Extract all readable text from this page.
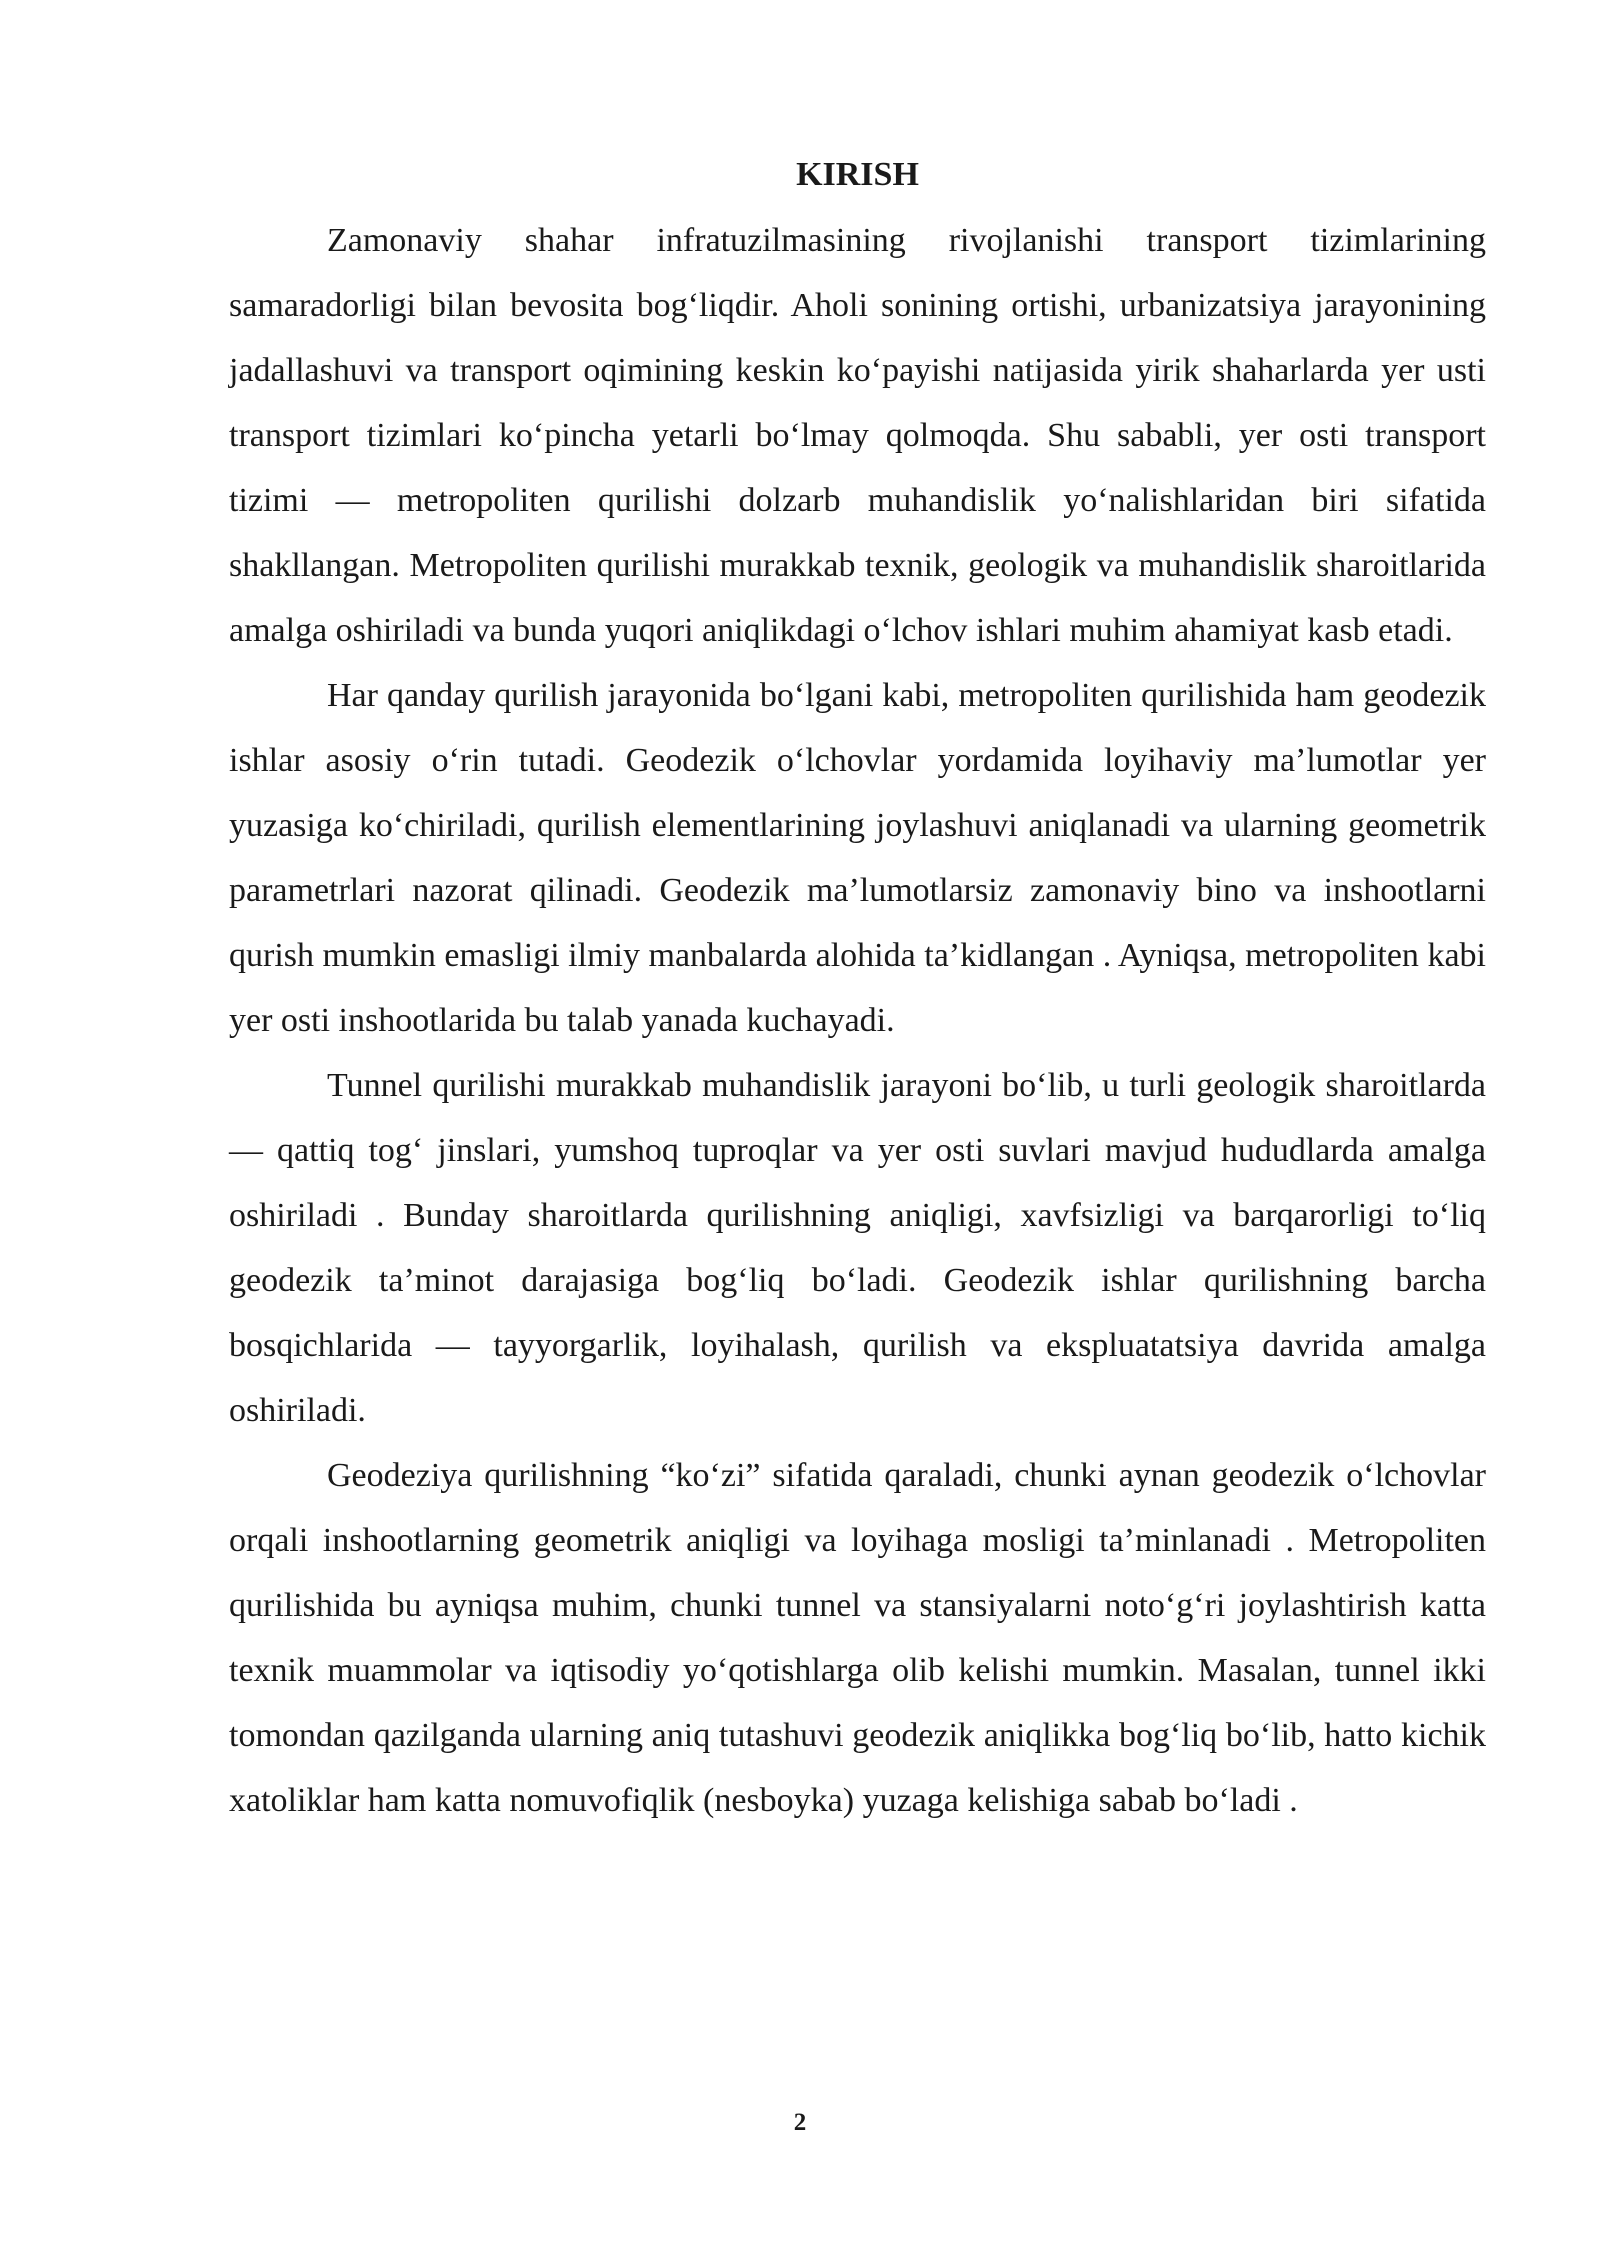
KIRISH

Zamonaviy shahar infratuzilmasining rivojlanishi transport tizimlarining samaradorligi bilan bevosita bog‘liqdir. Aholi sonining ortishi, urbanizatsiya jarayonining jadallashuvi va transport oqimining keskin ko‘payishi natijasida yirik shaharlarda yer usti transport tizimlari ko‘pincha yetarli bo‘lmay qolmoqda. Shu sababli, yer osti transport tizimi — metropoliten qurilishi dolzarb muhandislik yo‘nalishlaridan biri sifatida shakllangan. Metropoliten qurilishi murakkab texnik, geologik va muhandislik sharoitlarida amalga oshiriladi va bunda yuqori aniqlikdagi o‘lchov ishlari muhim ahamiyat kasb etadi.

Har qanday qurilish jarayonida bo‘lgani kabi, metropoliten qurilishida ham geodezik ishlar asosiy o‘rin tutadi. Geodezik o‘lchovlar yordamida loyihaviy ma’lumotlar yer yuzasiga ko‘chiriladi, qurilish elementlarining joylashuvi aniqlanadi va ularning geometrik parametrlari nazorat qilinadi. Geodezik ma’lumotlarsiz zamonaviy bino va inshootlarni qurish mumkin emasligi ilmiy manbalarda alohida ta’kidlangan . Ayniqsa, metropoliten kabi yer osti inshootlarida bu talab yanada kuchayadi.

Tunnel qurilishi murakkab muhandislik jarayoni bo‘lib, u turli geologik sharoitlarda — qattiq tog‘ jinslari, yumshoq tuproqlar va yer osti suvlari mavjud hududlarda amalga oshiriladi . Bunday sharoitlarda qurilishning aniqligi, xavfsizligi va barqarorligi to‘liq geodezik ta’minot darajasiga bog‘liq bo‘ladi. Geodezik ishlar qurilishning barcha bosqichlarida — tayyorgarlik, loyihalash, qurilish va ekspluatatsiya davrida amalga oshiriladi.

Geodeziya qurilishning “ko‘zi” sifatida qaraladi, chunki aynan geodezik o‘lchovlar orqali inshootlarning geometrik aniqligi va loyihaga mosligi ta’minlanadi . Metropoliten qurilishida bu ayniqsa muhim, chunki tunnel va stansiyalarni noto‘g‘ri joylashtirish katta texnik muammolar va iqtisodiy yo‘qotishlarga olib kelishi mumkin. Masalan, tunnel ikki tomondan qazilganda ularning aniq tutashuvi geodezik aniqlikka bog‘liq bo‘lib, hatto kichik xatoliklar ham katta nomuvofiqlik (nesboyka) yuzaga kelishiga sabab bo‘ladi .

2
